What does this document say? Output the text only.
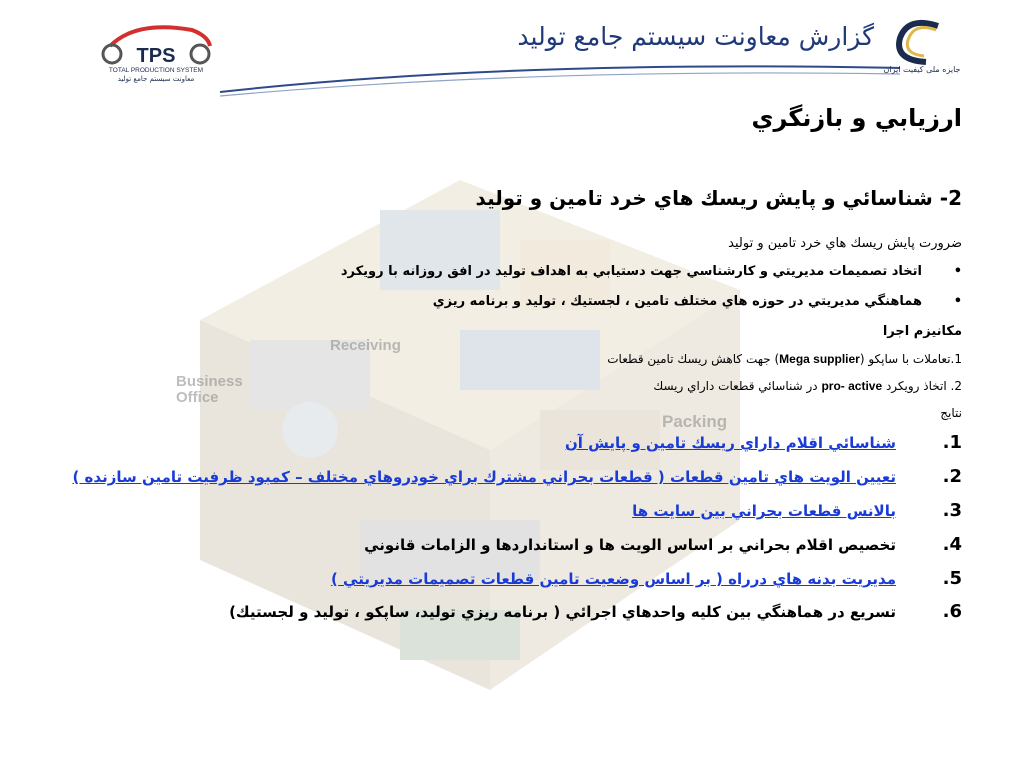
Business
Office
Receiving
Packing
TPS
TOTAL PRODUCTION SYSTEM
معاونت سیستم جامع تولید
گزارش معاونت سیستم جامع تولید
جایزه ملی کیفیت ایران
ارزيابي و بازنگري
2- شناسائي و پايش ريسك هاي خرد تامين و توليد
ضرورت پايش ريسك هاي خرد تامين و توليد
•اتخاد تصميمات مديريتي و كارشناسي جهت دستيابي به اهداف توليد در افق روزانه با رويكرد
•هماهنگي مديريتي در حوزه هاي مختلف تامين ، لجستيك ، توليد و برنامه ريزي
مكانيزم اجرا
1.تعاملات با ساپكو (Mega supplier) جهت كاهش ريسك تامين قطعات
2. اتخاذ رويكرد pro- active در شناسائي قطعات داراي ريسك
نتايج
1.
شناسائي اقلام داراي ريسك تامين و پايش آن
2.
تعيين الويت هاي تامين قطعات ( قطعات بحراني مشترك براي خودروهاي مختلف – كمبود ظرفيت تامين سازنده )
3.
بالانس قطعات بحراني بين سايت ها
4.
تخصيص اقلام بحراني بر اساس الويت ها و استانداردها و الزامات قانوني
5.
مديريت بدنه هاي درراه ( بر اساس وضعيت تامين قطعات تصميمات مديريتي )
6.
تسريع در هماهنگي بين كليه واحدهاي اجرائي ( برنامه ريزي توليد، ساپكو ، توليد و لجستيك)
